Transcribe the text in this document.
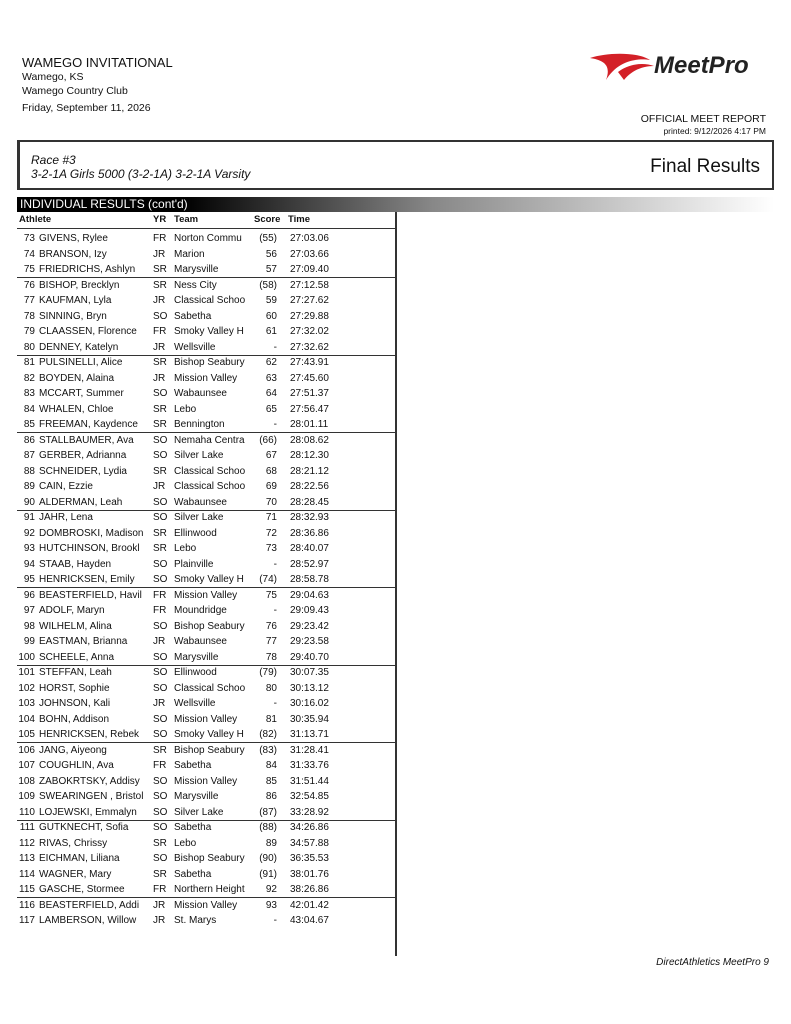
WAMEGO INVITATIONAL
Wamego, KS
Wamego Country Club
Friday, September 11, 2026
MeetPro
OFFICIAL MEET REPORT
printed: 9/12/2026 4:17 PM
Race #3
3-2-1A Girls 5000 (3-2-1A) 3-2-1A Varsity	Final Results
INDIVIDUAL RESULTS (cont'd)
Athlete	YR Team	Score Time
73 GIVENS, Rylee	FR Norton Commu	(55) 27:03.06
74 BRANSON, Izy	JR Marion	56 27:03.66
75 FRIEDRICHS, Ashlyn	SR Marysville	57 27:09.40
76 BISHOP, Brecklyn	SR Ness City	(58) 27:12.58
77 KAUFMAN, Lyla	JR Classical Schoo	59 27:27.62
78 SINNING, Bryn	SO Sabetha	60 27:29.88
79 CLAASSEN, Florence	FR Smoky Valley H	61 27:32.02
80 DENNEY, Katelyn	JR Wellsville	- 27:32.62
81 PULSINELLI, Alice	SR Bishop Seabury	62 27:43.91
82 BOYDEN, Alaina	JR Mission Valley	63 27:45.60
83 MCCART, Summer	SO Wabaunsee	64 27:51.37
84 WHALEN, Chloe	SR Lebo	65 27:56.47
85 FREEMAN, Kaydence	SR Bennington	- 28:01.11
86 STALLBAUMER, Ava	SO Nemaha Centra	(66) 28:08.62
87 GERBER, Adrianna	SO Silver Lake	67 28:12.30
88 SCHNEIDER, Lydia	SR Classical Schoo	68 28:21.12
89 CAIN, Ezzie	JR Classical Schoo	69 28:22.56
90 ALDERMAN, Leah	SO Wabaunsee	70 28:28.45
91 JAHR, Lena	SO Silver Lake	71 28:32.93
92 DOMBROSKI, Madison SR Ellinwood	72 28:36.86
93 HUTCHINSON, Brookl	SR Lebo	73 28:40.07
94 STAAB, Hayden	SO Plainville	- 28:52.97
95 HENRICKSEN, Emily	SO Smoky Valley H	(74) 28:58.78
96 BEASTERFIELD, Havil	FR Mission Valley	75 29:04.63
97 ADOLF, Maryn	FR Moundridge	- 29:09.43
98 WILHELM, Alina	SO Bishop Seabury	76 29:23.42
99 EASTMAN, Brianna	JR Wabaunsee	77 29:23.58
100 SCHEELE, Anna	SO Marysville	78 29:40.70
101 STEFFAN, Leah	SO Ellinwood	(79) 30:07.35
102 HORST, Sophie	SO Classical Schoo	80 30:13.12
103 JOHNSON, Kali	JR Wellsville	- 30:16.02
104 BOHN, Addison	SO Mission Valley	81 30:35.94
105 HENRICKSEN, Rebek	SO Smoky Valley H	(82) 31:13.71
106 JANG, Aiyeong	SR Bishop Seabury	(83) 31:28.41
107 COUGHLIN, Ava	FR Sabetha	84 31:33.76
108 ZABOKRTSKY, Addisy	SO Mission Valley	85 31:51.44
109 SWEARINGEN , Bristol SO Marysville	86 32:54.85
110 LOJEWSKI, Emmalyn	SO Silver Lake	(87) 33:28.92
111 GUTKNECHT, Sofia	SO Sabetha	(88) 34:26.86
112 RIVAS, Chrissy	SR Lebo	89 34:57.88
113 EICHMAN, Liliana	SO Bishop Seabury	(90) 36:35.53
114 WAGNER, Mary	SR Sabetha	(91) 38:01.76
115 GASCHE, Stormee	FR Northern Height	92 38:26.86
116 BEASTERFIELD, Addi	JR Mission Valley	93 42:01.42
117 LAMBERSON, Willow	JR St. Marys	- 43:04.67
DirectAthletics MeetPro 9
